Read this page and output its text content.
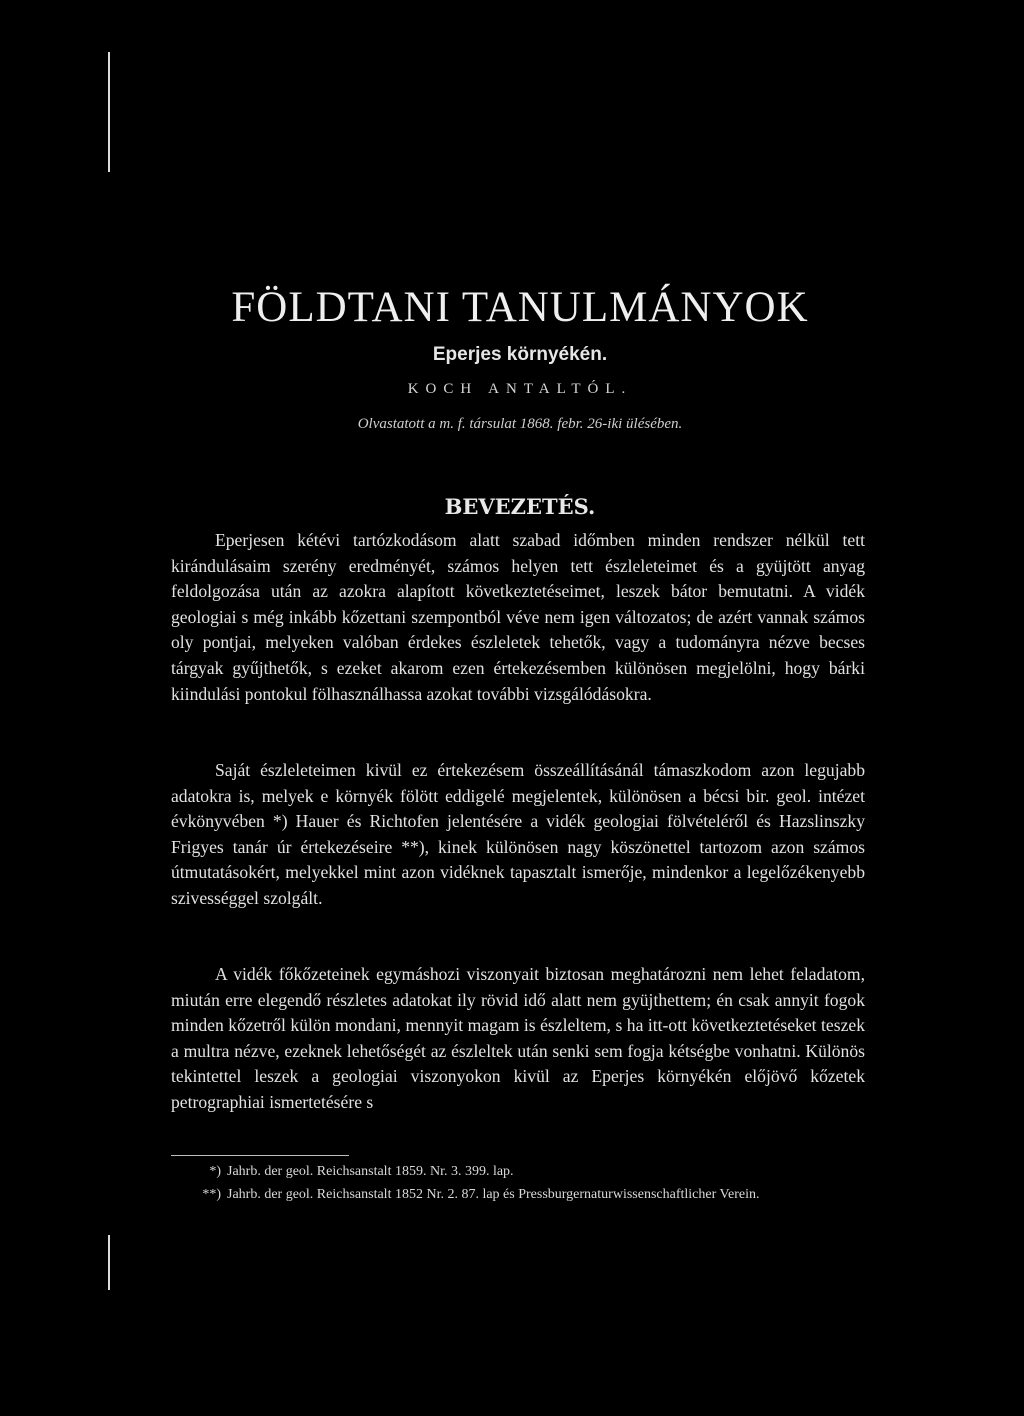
FÖLDTANI TANULMÁNYOK
Eperjes környékén.
KOCH ANTALTÓL.
Olvastatott a m. f. társulat 1868. febr. 26-iki ülésében.
BEVEZETÉS.

Eperjesen kétévi tartózkodásom alatt szabad időmben minden rendszer nélkül tett kirándulásaim szerény eredményét, számos helyen tett észleleteimet és a gyüjtött anyag feldolgozása után az azokra alapított következtetéseimet, leszek bátor bemutatni. A vidék geologiai s még inkább kőzettani szempontból véve nem igen változatos; de azért vannak számos oly pontjai, melyeken valóban érdekes észleletek tehetők, vagy a tudományra nézve becses tárgyak gyűjthetők, s ezeket akarom ezen értekezésemben különösen megjelölni, hogy bárki kiindulási pontokul fölhasználhassa azokat további vizsgálódásokra.

Saját észleleteimen kivül ez értekezésem összeállításánál támaszkodom azon legujabb adatokra is, melyek e környék fölött eddigelé megjelentek, különösen a bécsi bir. geol. intézet évkönyvében *) Hauer és Richtofen jelentésére a vidék geologiai fölvételéről és Hazslinszky Frigyes tanár úr értekezéseire **), kinek különösen nagy köszönettel tartozom azon számos útmutatásokért, melyekkel mint azon vidéknek tapasztalt ismerője, mindenkor a legelőzékenyebb szivességgel szolgált.

A vidék főkőzeteinek egymáshozi viszonyait biztosan meghatározni nem lehet feladatom, miután erre elegendő részletes adatokat ily rövid idő alatt nem gyüjthettem; én csak annyit fogok minden kőzetről külön mondani, mennyit magam is észleltem, s ha itt-ott következtetéseket teszek a multra nézve, ezeknek lehetőségét az észleltek után senki sem fogja kétségbe vonhatni. Különös tekintettel leszek a geologiai viszonyokon kivül az Eperjes környékén előjövő kőzetek petrographiai ismertetésére s

*) Jahrb. der geol. Reichsanstalt 1859. Nr. 3. 399. lap.

**) Jahrb. der geol. Reichsanstalt 1852 Nr. 2. 87. lap és Pressburgernaturwissenschaftlicher Verein.
